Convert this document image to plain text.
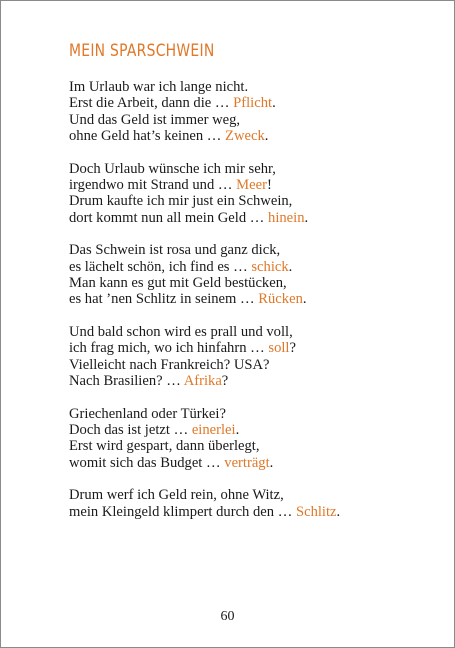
MEIN SPARSCHWEIN
Im Urlaub war ich lange nicht.
Erst die Arbeit, dann die … Pflicht.
Und das Geld ist immer weg,
ohne Geld hat’s keinen … Zweck.
Doch Urlaub wünsche ich mir sehr,
irgendwo mit Strand und … Meer!
Drum kaufte ich mir just ein Schwein,
dort kommt nun all mein Geld … hinein.
Das Schwein ist rosa und ganz dick,
es lächelt schön, ich find es … schick.
Man kann es gut mit Geld bestücken,
es hat ’nen Schlitz in seinem … Rücken.
Und bald schon wird es prall und voll,
ich frag mich, wo ich hinfahrn … soll?
Vielleicht nach Frankreich? USA?
Nach Brasilien? … Afrika?
Griechenland oder Türkei?
Doch das ist jetzt … einerlei.
Erst wird gespart, dann überlegt,
womit sich das Budget … verträgt.
Drum werf ich Geld rein, ohne Witz,
mein Kleingeld klimpert durch den … Schlitz.
60
